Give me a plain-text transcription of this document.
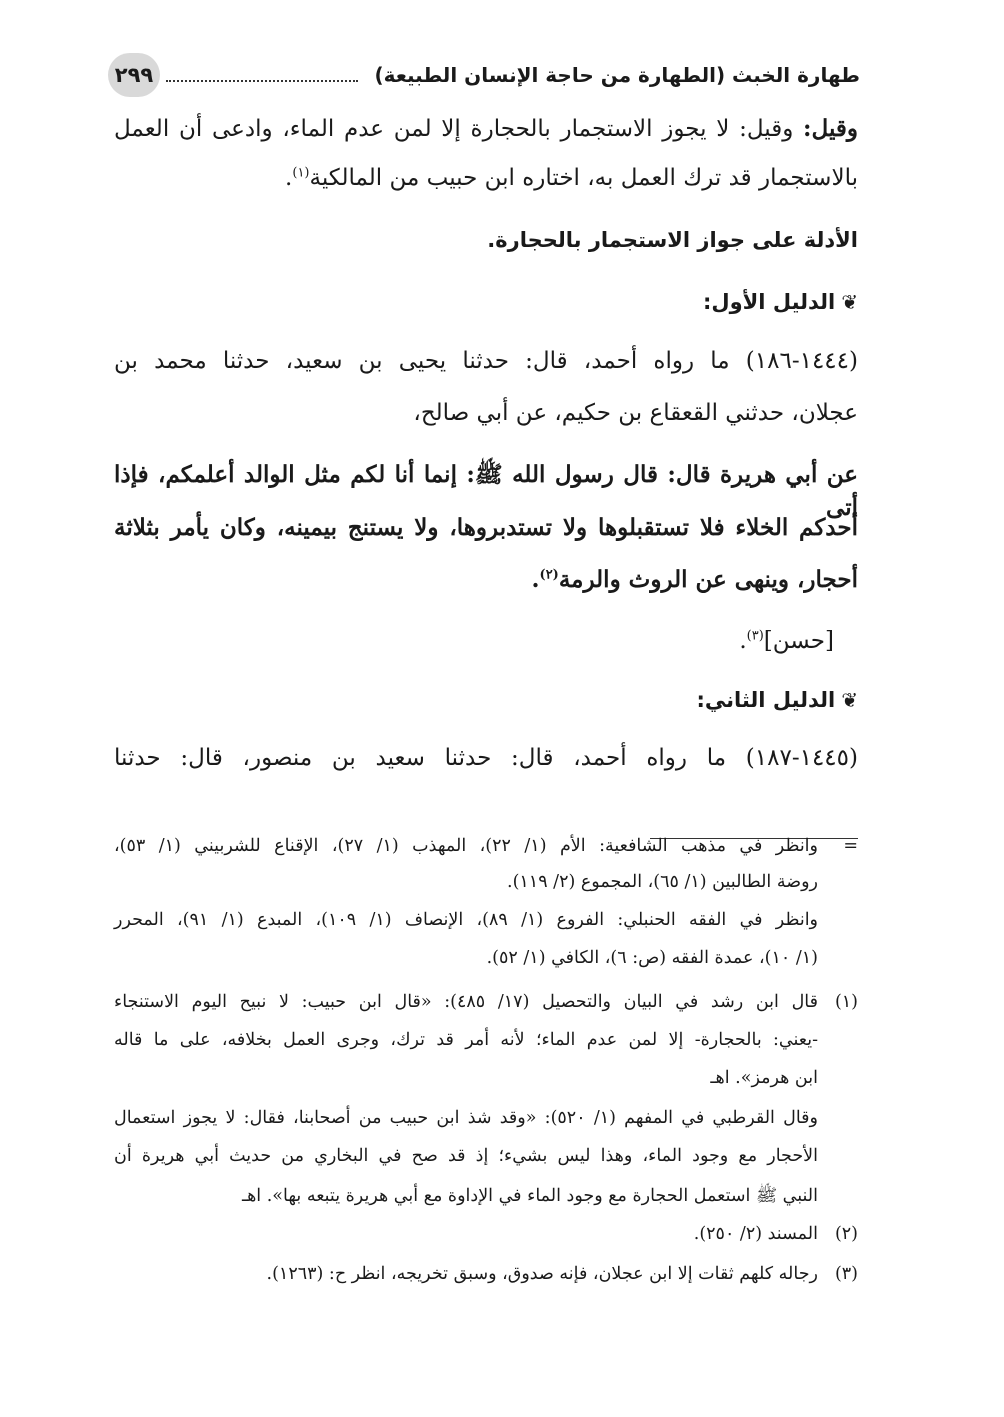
طهارة الخبث (الطهارة من حاجة الإنسان الطبيعة)
٢٩٩
وقيل: وقيل: لا يجوز الاستجمار بالحجارة إلا لمن عدم الماء، وادعى أن العمل
بالاستجمار قد ترك العمل به، اختاره ابن حبيب من المالكية$^{(١)}$.
الأدلة على جواز الاستجمار بالحجارة.
❦الدليل الأول:
(١٤٤٤-١٨٦) ما رواه أحمد، قال: حدثنا يحيى بن سعيد، حدثنا محمد بن
عجلان، حدثني القعقاع بن حكيم، عن أبي صالح،
عن أبي هريرة قال: قال رسول الله ﷺ: إنما أنا لكم مثل الوالد أعلمكم، فإذا أتى
أحدكم الخلاء فلا تستقبلوها ولا تستدبروها، ولا يستنج بيمينه، وكان يأمر بثلاثة
أحجار، وينهى عن الروث والرمة$^{(٢)}$.
[حسن]$^{(٣)}$.
❦الدليل الثاني:
(١٤٤٥-١٨٧) ما رواه أحمد، قال: حدثنا سعيد بن منصور، قال: حدثنا
=
وانظر في مذهب الشافعية: الأم (١/ ٢٢)، المهذب (١/ ٢٧)، الإقناع للشربيني (١/ ٥٣)،
روضة الطالبين (١/ ٦٥)، المجموع (٢/ ١١٩).
وانظر في الفقه الحنبلي: الفروع (١/ ٨٩)، الإنصاف (١/ ١٠٩)، المبدع (١/ ٩١)، المحرر
(١/ ١٠)، عمدة الفقه (ص: ٦)، الكافي (١/ ٥٢).
(١)
قال ابن رشد في البيان والتحصيل (١٧/ ٤٨٥): «قال ابن حبيب: لا نبيح اليوم الاستنجاء
-يعني: بالحجارة- إلا لمن عدم الماء؛ لأنه أمر قد ترك، وجرى العمل بخلافه، على ما قاله
ابن هرمز». اهـ
وقال القرطبي في المفهم (١/ ٥٢٠): «وقد شذ ابن حبيب من أصحابنا، فقال: لا يجوز استعمال
الأحجار مع وجود الماء، وهذا ليس بشيء؛ إذ قد صح في البخاري من حديث أبي هريرة أن
النبي ﷺ استعمل الحجارة مع وجود الماء في الإداوة مع أبي هريرة يتبعه بها». اهـ
(٢)
المسند (٢/ ٢٥٠).
(٣)
رجاله كلهم ثقات إلا ابن عجلان، فإنه صدوق، وسبق تخريجه، انظر ح: (١٢٦٣).
